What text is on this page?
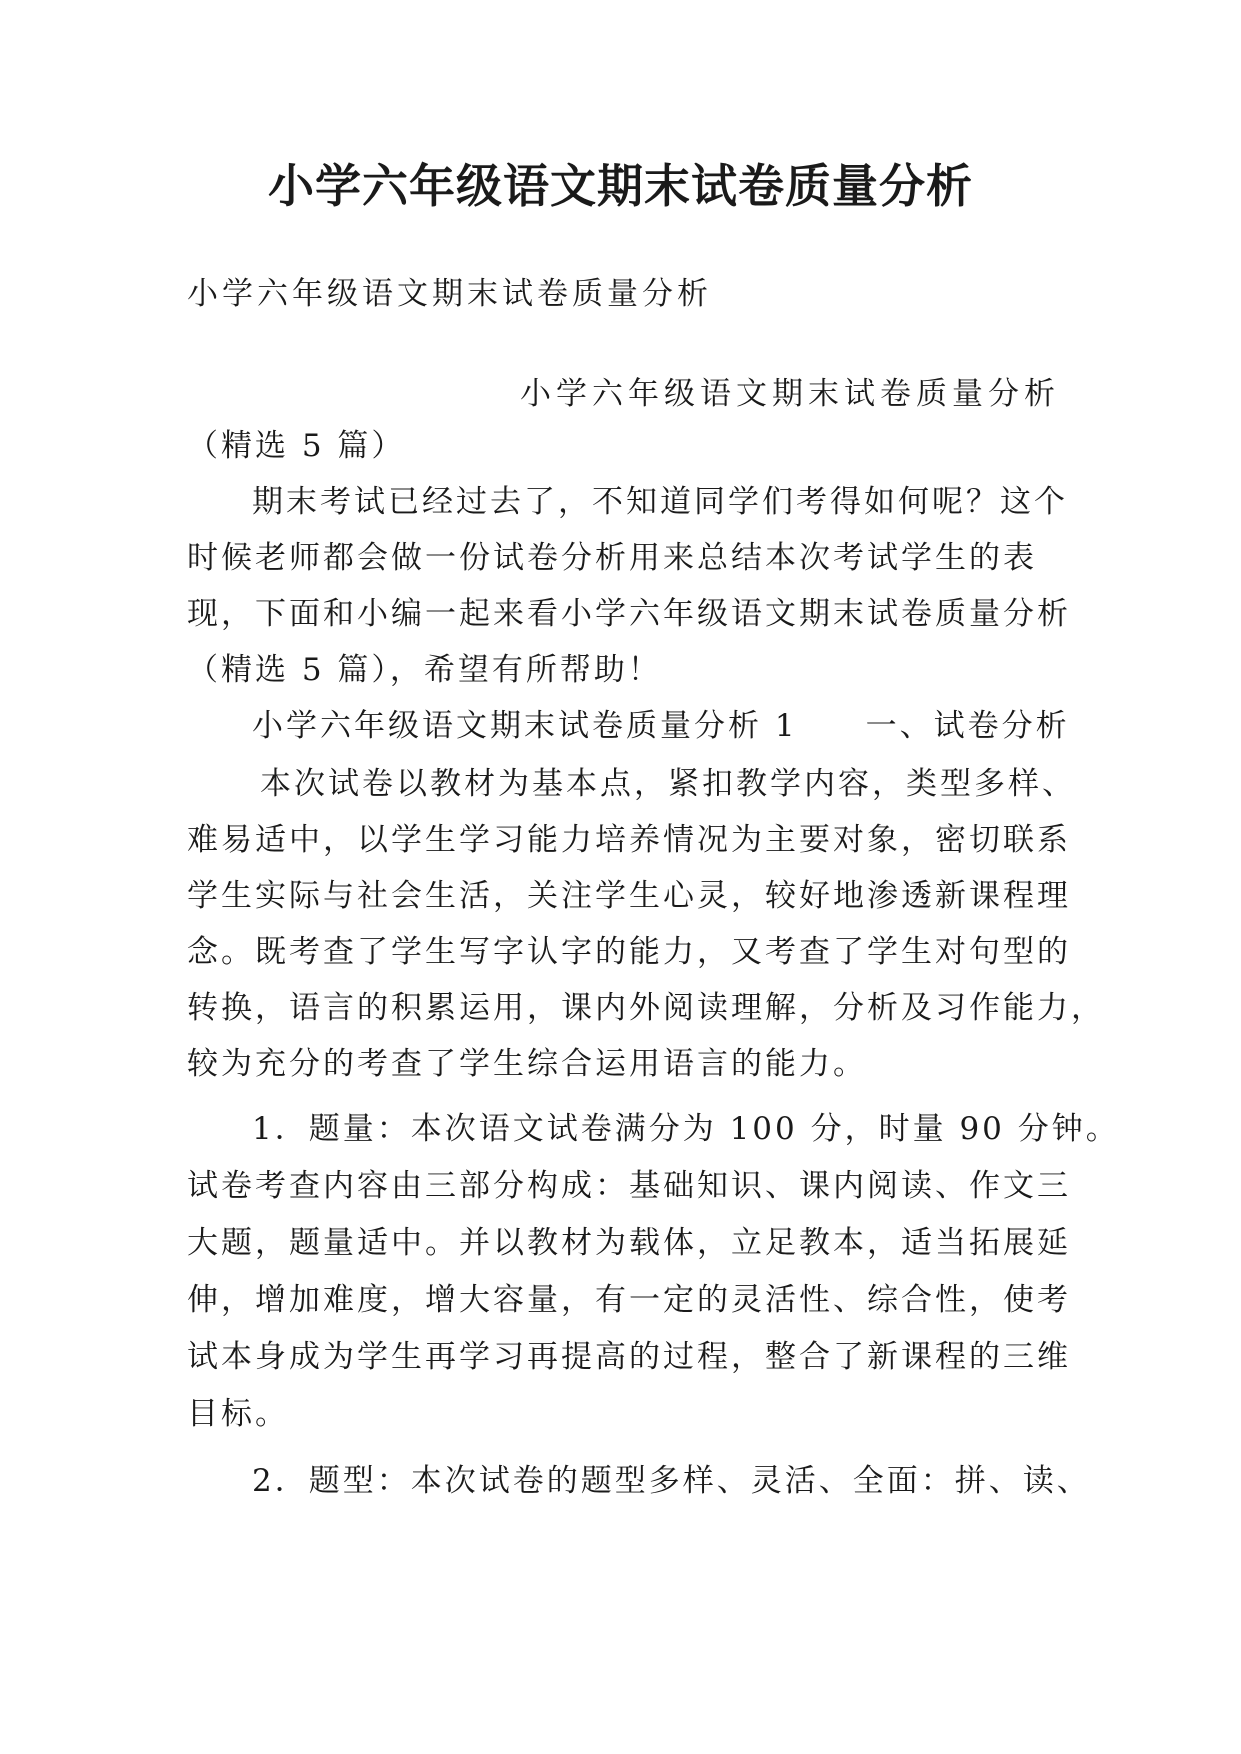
小学六年级语文期末试卷质量分析
小学六年级语文期末试卷质量分析
小学六年级语文期末试卷质量分析
（精选 5 篇）
期末考试已经过去了，不知道同学们考得如何呢？这个
时候老师都会做一份试卷分析用来总结本次考试学生的表
现，下面和小编一起来看小学六年级语文期末试卷质量分析
（精选 5 篇），希望有所帮助！
小学六年级语文期末试卷质量分析 1　　一、试卷分析
本次试卷以教材为基本点，紧扣教学内容，类型多样、
难易适中，以学生学习能力培养情况为主要对象，密切联系
学生实际与社会生活，关注学生心灵，较好地渗透新课程理
念。既考查了学生写字认字的能力，又考查了学生对句型的
转换，语言的积累运用，课内外阅读理解，分析及习作能力，
较为充分的考查了学生综合运用语言的能力。
1．题量：本次语文试卷满分为 100 分，时量 90 分钟。
试卷考查内容由三部分构成：基础知识、课内阅读、作文三
大题，题量适中。并以教材为载体，立足教本，适当拓展延
伸，增加难度，增大容量，有一定的灵活性、综合性，使考
试本身成为学生再学习再提高的过程，整合了新课程的三维
目标。
2．题型：本次试卷的题型多样、灵活、全面：拼、读、
